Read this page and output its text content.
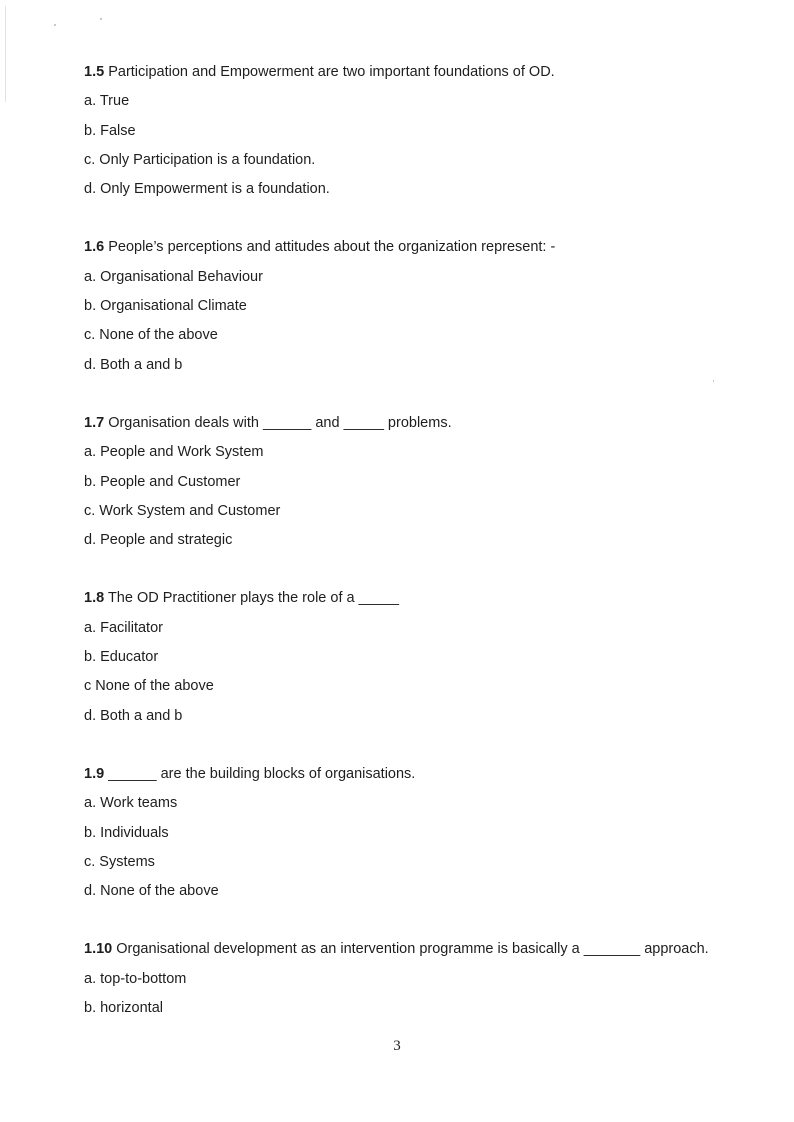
1.5 Participation and Empowerment are two important foundations of OD.
a. True
b. False
c. Only Participation is a foundation.
d. Only Empowerment is a foundation.
1.6 People’s perceptions and attitudes about the organization represent: -
a. Organisational Behaviour
b. Organisational Climate
c. None of the above
d. Both a and b
1.7 Organisation deals with ______ and _____ problems.
a. People and Work System
b. People and Customer
c. Work System and Customer
d. People and strategic
1.8 The OD Practitioner plays the role of a _____
a. Facilitator
b. Educator
c None of the above
d. Both a and b
1.9 ______ are the building blocks of organisations.
a. Work teams
b. Individuals
c. Systems
d. None of the above
1.10 Organisational development as an intervention programme is basically a _______ approach.
a. top-to-bottom
b. horizontal
3
